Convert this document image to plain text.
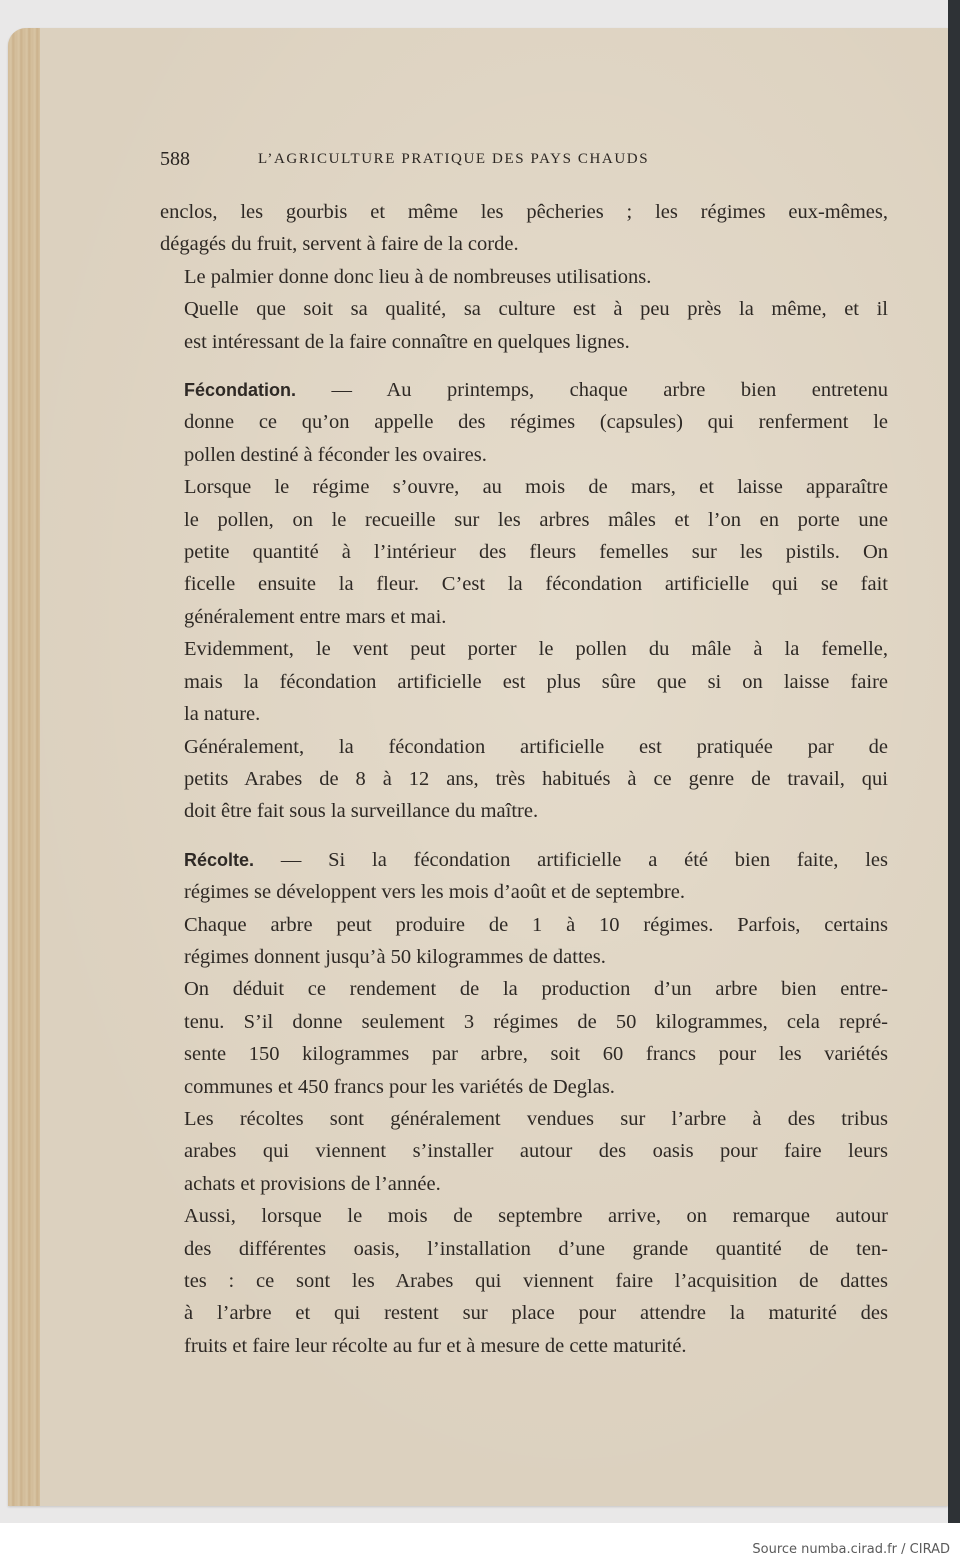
588	L’AGRICULTURE PRATIQUE DES PAYS CHAUDS

enclos, les gourbis et même les pêcheries ; les régimes eux-mêmes,
dégagés du fruit, servent à faire de la corde.

Le palmier donne donc lieu à de nombreuses utilisations.

Quelle que soit sa qualité, sa culture est à peu près la même, et il
est intéressant de la faire connaître en quelques lignes.

Fécondation. — Au printemps, chaque arbre bien entretenu
donne ce qu’on appelle des régimes (capsules) qui renferment le
pollen destiné à féconder les ovaires.

Lorsque le régime s’ouvre, au mois de mars, et laisse apparaître
le pollen, on le recueille sur les arbres mâles et l’on en porte une
petite quantité à l’intérieur des fleurs femelles sur les pistils. On
ficelle ensuite la fleur. C’est la fécondation artificielle qui se fait
généralement entre mars et mai.

Evidemment, le vent peut porter le pollen du mâle à la femelle,
mais la fécondation artificielle est plus sûre que si on laisse faire
la nature.

Généralement, la fécondation artificielle est pratiquée par de
petits Arabes de 8 à 12 ans, très habitués à ce genre de travail, qui
doit être fait sous la surveillance du maître.

Récolte. — Si la fécondation artificielle a été bien faite, les
régimes se développent vers les mois d’août et de septembre.

Chaque arbre peut produire de 1 à 10 régimes. Parfois, certains
régimes donnent jusqu’à 50 kilogrammes de dattes.

On déduit ce rendement de la production d’un arbre bien entre-
tenu. S’il donne seulement 3 régimes de 50 kilogrammes, cela repré-
sente 150 kilogrammes par arbre, soit 60 francs pour les variétés
communes et 450 francs pour les variétés de Deglas.

Les récoltes sont généralement vendues sur l’arbre à des tribus
arabes qui viennent s’installer autour des oasis pour faire leurs
achats et provisions de l’année.

Aussi, lorsque le mois de septembre arrive, on remarque autour
des différentes oasis, l’installation d’une grande quantité de ten-
tes : ce sont les Arabes qui viennent faire l’acquisition de dattes
à l’arbre et qui restent sur place pour attendre la maturité des
fruits et faire leur récolte au fur et à mesure de cette maturité.

Source numba.cirad.fr / CIRAD
